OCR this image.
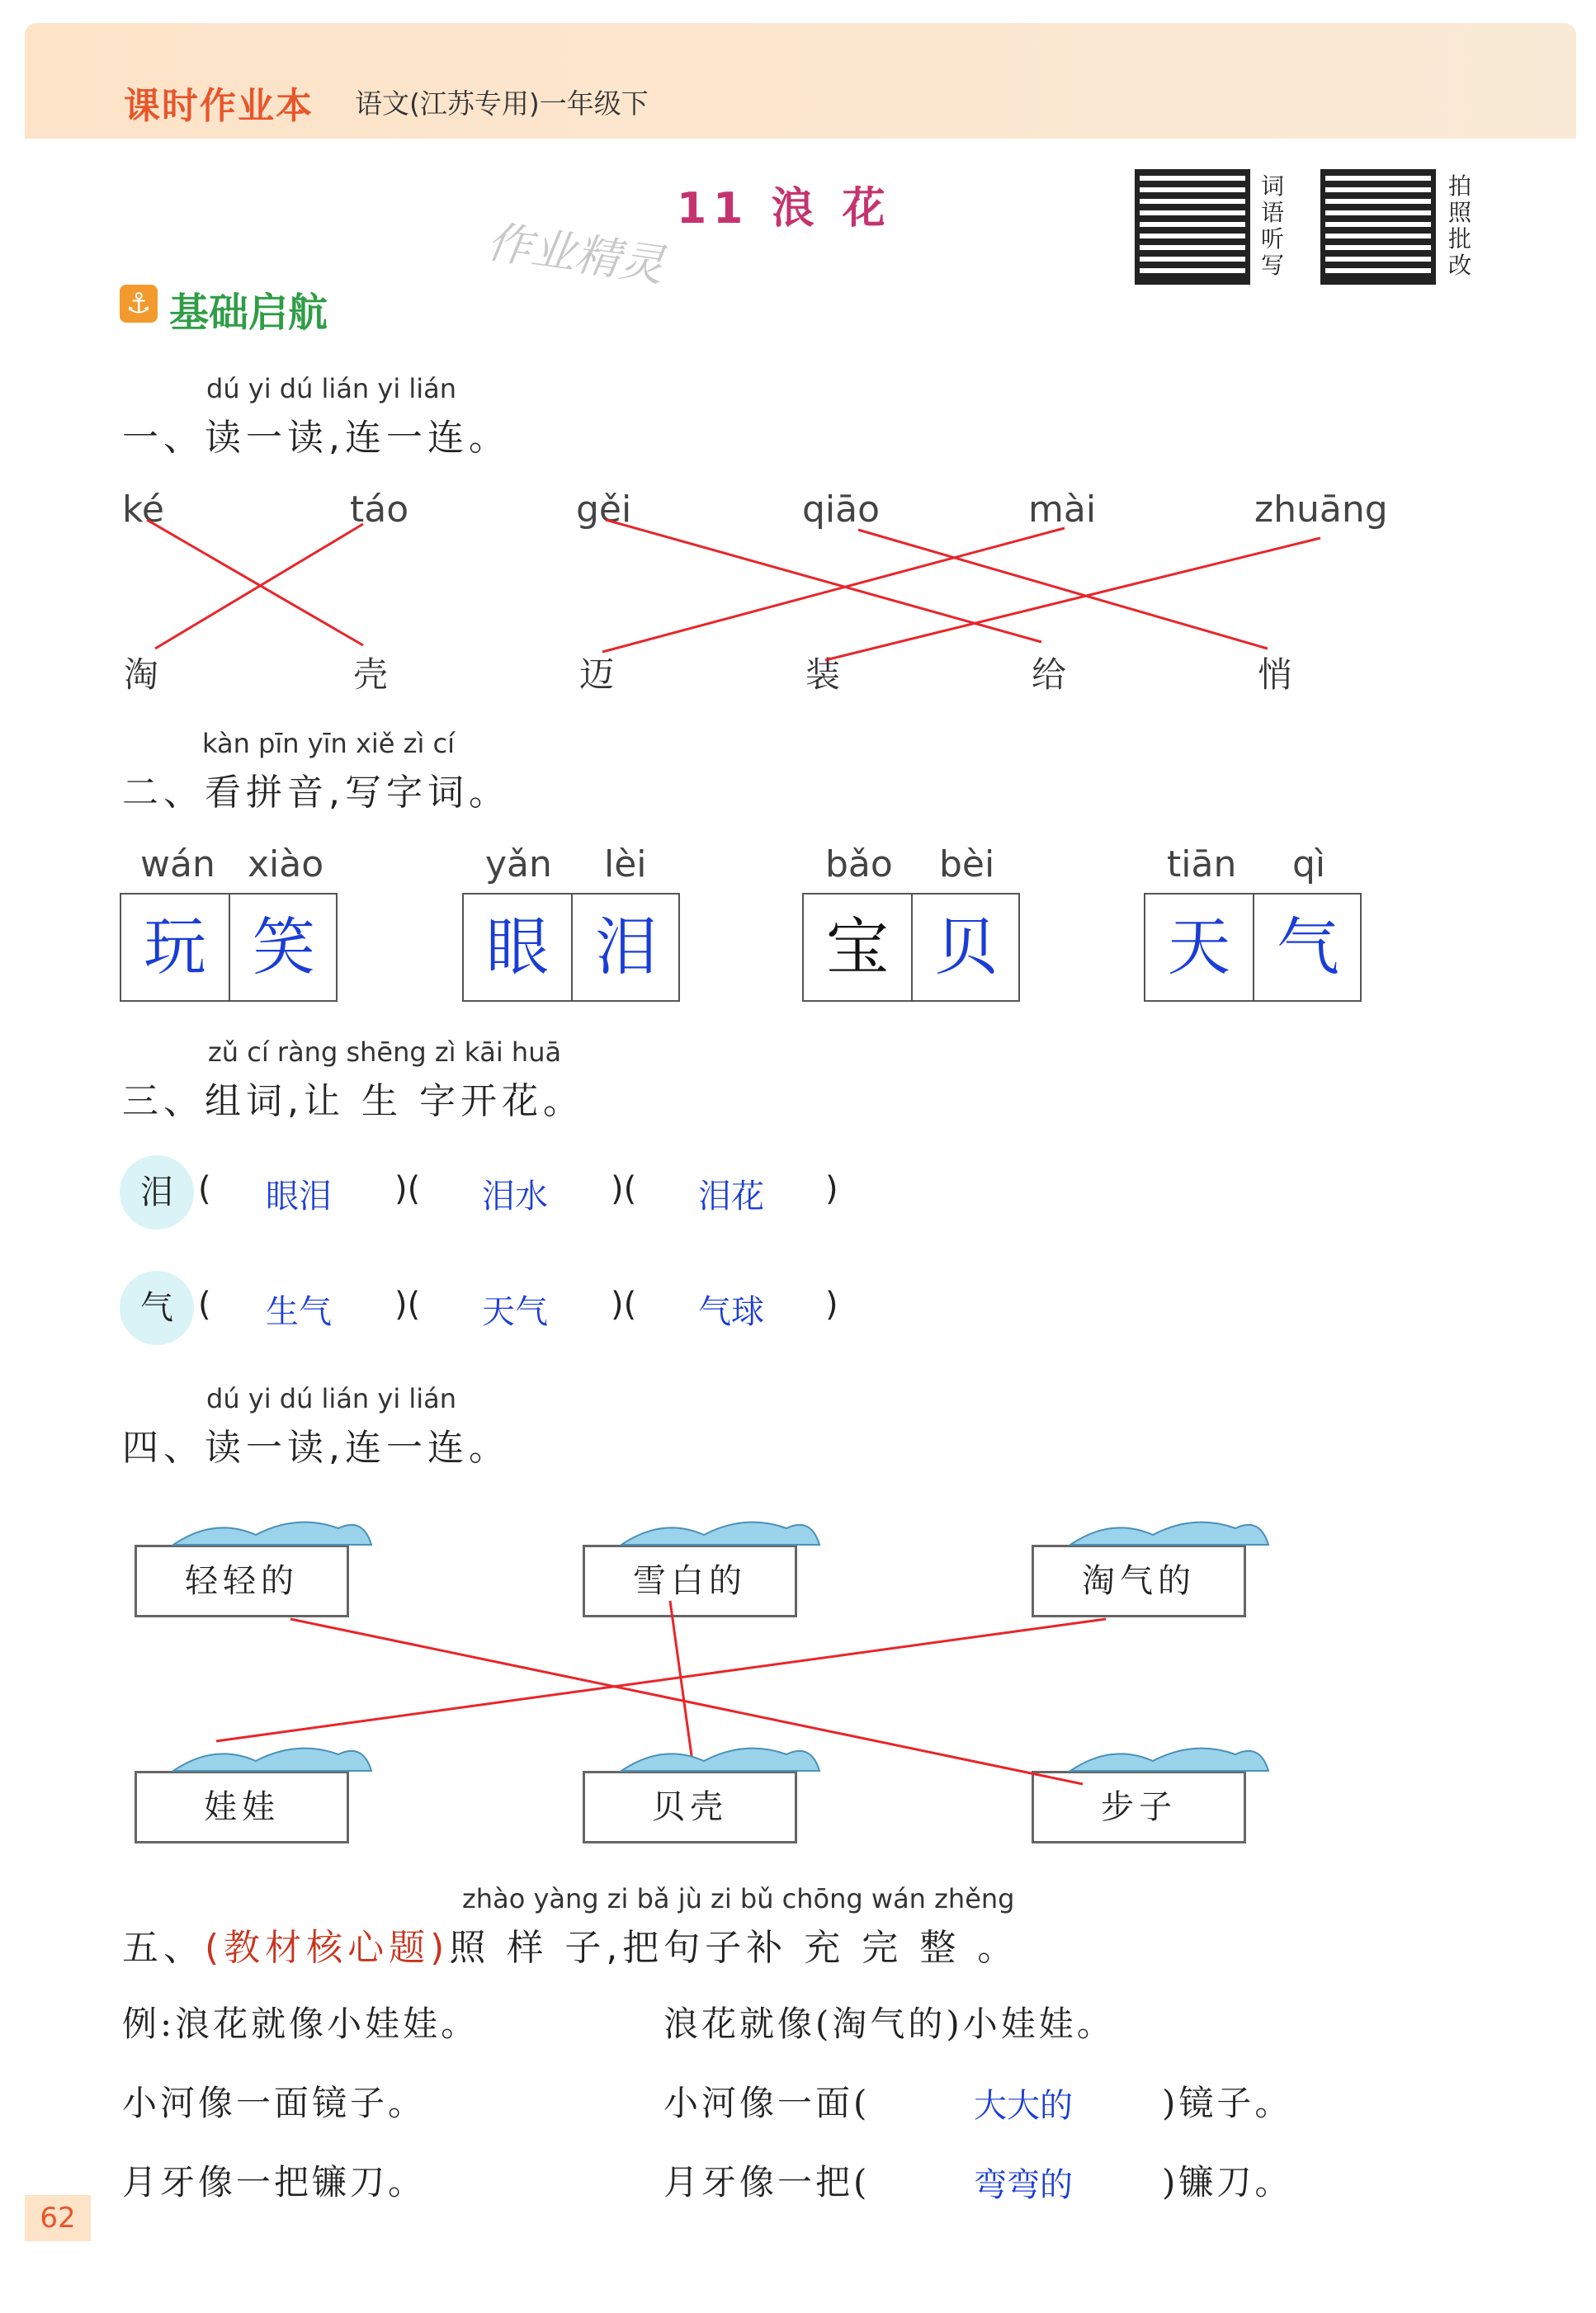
课时作业本 语文(江苏专用)一年级下
11 浪 花
作业精灵
词语听写
拍照批改
⚓ 基础启航
dú yi dú lián yi lián
一、读一读,连一连。
ké	táo	gěi	qiāo	mài	zhuāng
淘	壳	迈	装	给	悄
kàn pīn yīn xiě zì cí
二、看拼音,写字词。
wán xiào
玩 笑
yǎn lèi
眼 泪
bǎo bèi
宝 贝
tiān qì
天 气
zǔ cí ràng shēng zì kāi huā
三、组词,让 生 字开花。
泪 ( 眼泪 )( 泪水 )( 泪花 )
气 ( 生气 )( 天气 )( 气球 )
dú yi dú lián yi lián
四、读一读,连一连。
轻轻的	雪白的	淘气的
娃娃	贝壳	步子
zhào yàng zi bǎ jù zi bǔ chōng wán zhěng
五、(教材核心题)照 样 子,把句子补 充 完 整 。
例:浪花就像小娃娃。	浪花就像(淘气的)小娃娃。
小河像一面镜子。	小河像一面(	大大的	)镜子。
月牙像一把镰刀。	月牙像一把(	弯弯的	)镰刀。
62
